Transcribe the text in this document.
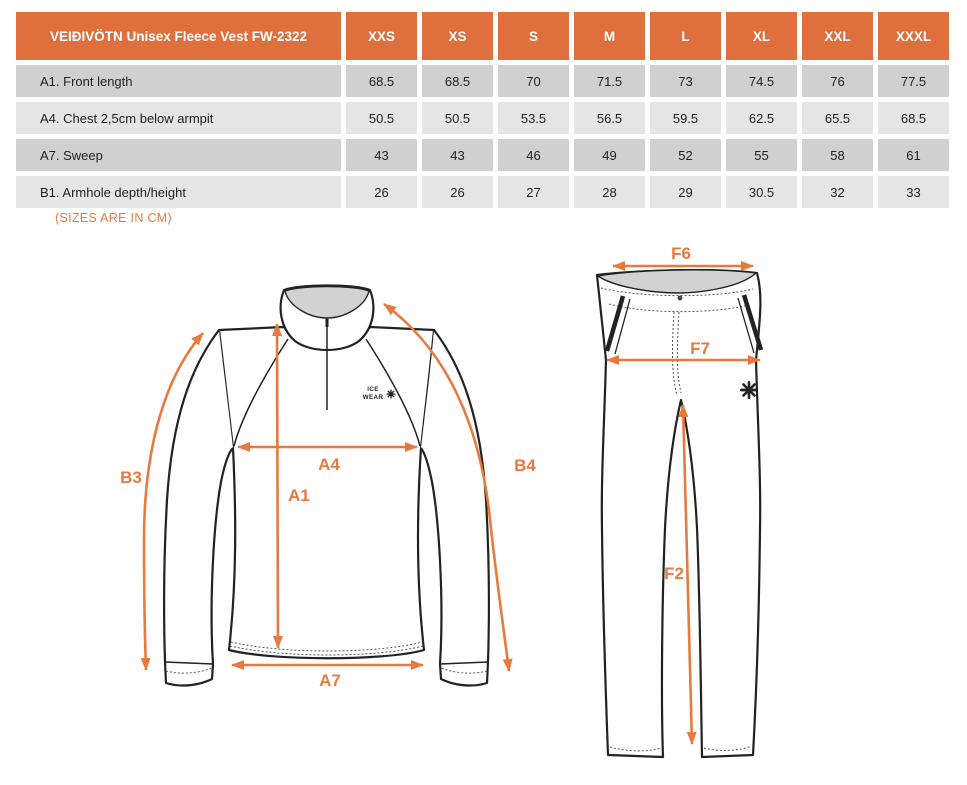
VEIÐIVÖTN Unisex Fleece Vest FW-2322	XXS	XS	S	M	L	XL	XXL	XXXL
A1. Front length	68.5	68.5	70	71.5	73	74.5	76	77.5
A4. Chest 2,5cm below armpit	50.5	50.5	53.5	56.5	59.5	62.5	65.5	68.5
A7. Sweep	43	43	46	49	52	55	58	61
B1. Armhole depth/height	26	26	27	28	29	30.5	32	33
(SIZES ARE IN CM)
ICE
WEAR
B3
A4
A1
B4
A7
F6
F7
F2
